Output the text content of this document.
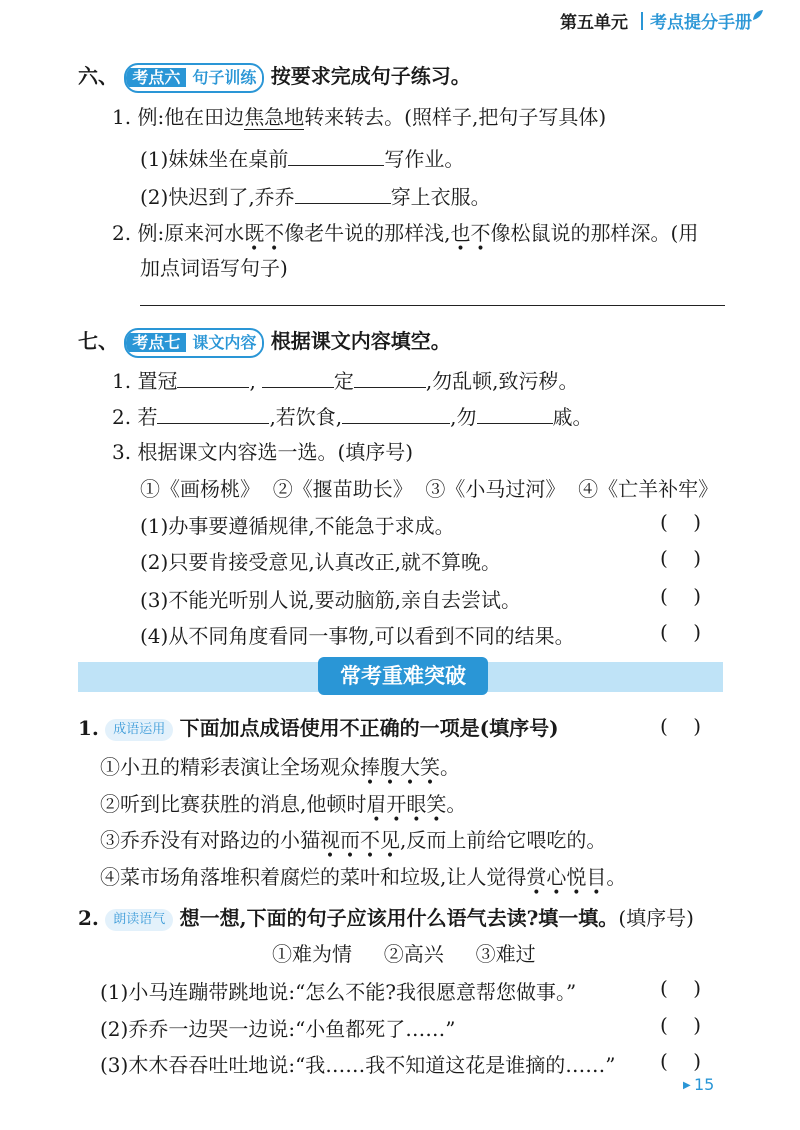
第五单元 考点提分手册
六、 考点六 句子训练 按要求完成句子练习。
1. 例:他在田边焦急地转来转去。(照样子,把句子写具体)
(1)妹妹坐在桌前	写作业。
(2)快迟到了,乔乔	穿上衣服。
2. 例:原来河水既不
• •
像老牛说的那样浅,也不
• •
像松鼠说的那样深。(用
加点词语写句子)
七、 考点七 课文内容 根据课文内容填空。
1. 置冠	,	定	,勿乱顿,致污秽。
2. 若	,若饮食,	,勿	戚。
3. 根据课文内容选一选。(填序号)
①《画杨桃》  ②《揠苗助长》  ③《小马过河》  ④《亡羊补牢》
(1)办事要遵循规律,不能急于求成。	(    )
(2)只要肯接受意见,认真改正,就不算晚。	(    )
(3)不能光听别人说,要动脑筋,亲自去尝试。	(    )
(4)从不同角度看同一事物,可以看到不同的结果。	(    )
常考重难突破
1. 成语运用 下面加点成语使用不正确的一项是(填序号)	(    )
①小丑的精彩表演让全场观众捧腹大笑
• • • •
。
②听到比赛获胜的消息,他顿时眉开眼笑
• • • •
。
③乔乔没有对路边的小猫视而不见
• • • •
,反而上前给它喂吃的。
④菜市场角落堆积着腐烂的菜叶和垃圾,让人觉得赏心悦目
• • • •
。
2. 朗读语气 想一想,下面的句子应该用什么语气去读?填一填。(填序号)
①难为情     ②高兴     ③难过
(1)小马连蹦带跳地说:“怎么不能?我很愿意帮您做事。”	(    )
(2)乔乔一边哭一边说:“小鱼都死了……”	(    )
(3)木木吞吞吐吐地说:“我……我不知道这花是谁摘的……” (    )
▶ 15
